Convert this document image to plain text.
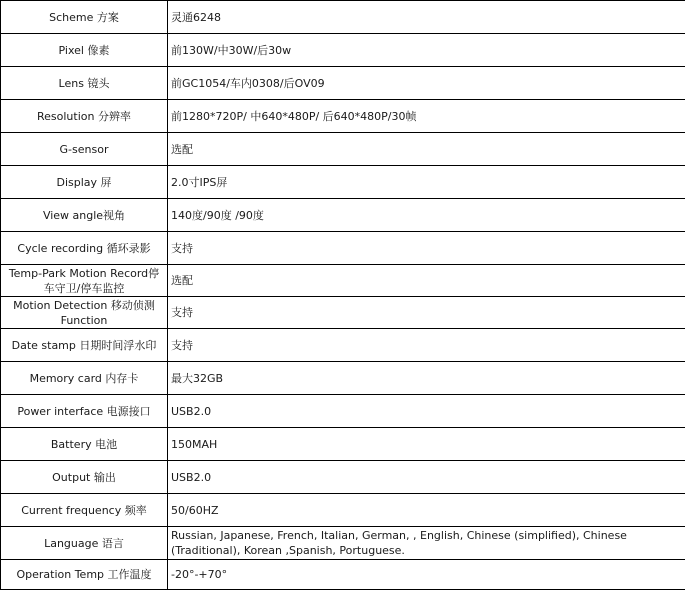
Scheme 方案	灵通6248
Pixel 像素	前130W/中30W/后30w
Lens 镜头	前GC1054/车内0308/后OV09
Resolution 分辨率	前1280*720P/ 中640*480P/ 后640*480P/30帧
G-sensor	选配
Display 屏	2.0寸IPS屏
View angle视角	140度/90度 /90度
Cycle recording 循环录影	支持
Temp-Park Motion Record停车守卫/停车监控	选配
Motion Detection 移动侦测 Function	支持
Date stamp 日期时间浮水印	支持
Memory card 内存卡	最大32GB
Power interface 电源接口	USB2.0
Battery 电池	150MAH
Output 输出	USB2.0
Current frequency 频率	50/60HZ
Language 语言	Russian, Japanese, French, Italian, German, , English, Chinese (simplified), Chinese (Traditional), Korean ,Spanish, Portuguese.
Operation Temp 工作温度	-20°-+70°
